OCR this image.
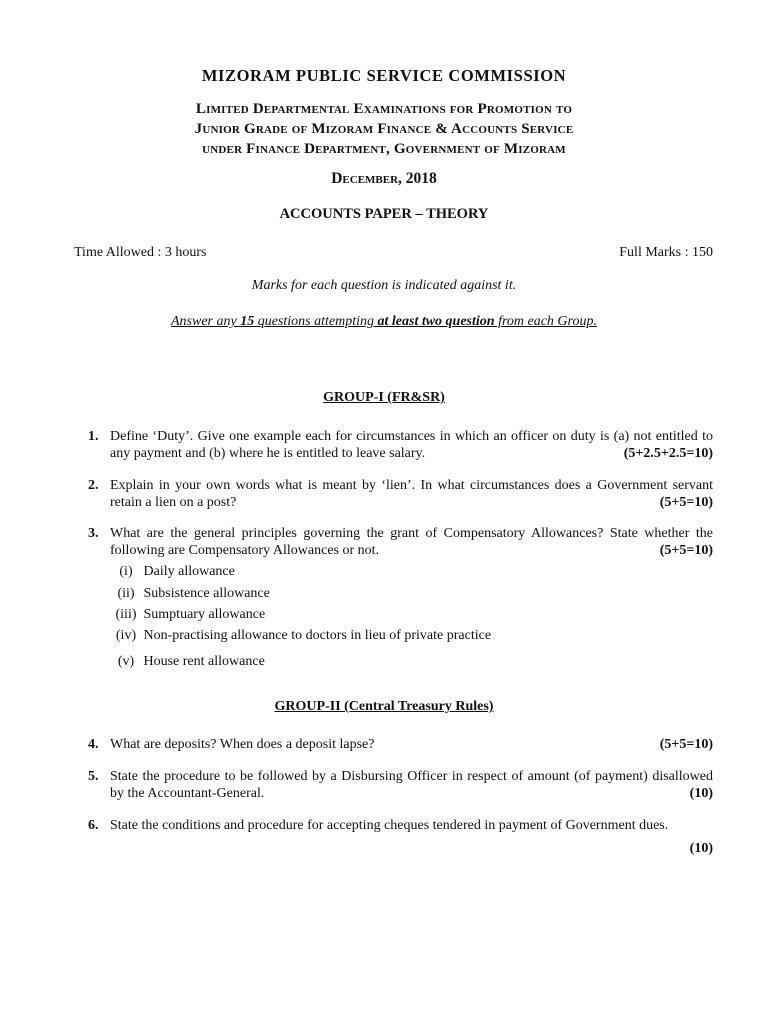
MIZORAM PUBLIC SERVICE COMMISSION
Limited Departmental Examinations for Promotion to
Junior Grade of Mizoram Finance & Accounts Service
under Finance Department, Government of Mizoram
December, 2018
ACCOUNTS PAPER – THEORY
Time Allowed : 3 hours	Full Marks : 150
Marks for each question is indicated against it.
Answer any 15 questions attempting at least two question from each Group.
GROUP-I (FR&SR)
1. Define ‘Duty’. Give one example each for circumstances in which an officer on duty is (a) not entitled to any payment and (b) where he is entitled to leave salary.	(5+2.5+2.5=10)
2. Explain in your own words what is meant by ‘lien’. In what circumstances does a Government servant retain a lien on a post?	(5+5=10)
3. What are the general principles governing the grant of Compensatory Allowances? State whether the following are Compensatory Allowances or not.	(5+5=10)
(i) Daily allowance
(ii) Subsistence allowance
(iii) Sumptuary allowance
(iv) Non-practising allowance to doctors in lieu of private practice
(v) House rent allowance
GROUP-II (Central Treasury Rules)
4. What are deposits? When does a deposit lapse?	(5+5=10)
5. State the procedure to be followed by a Disbursing Officer in respect of amount (of payment) disallowed by the Accountant-General.	(10)
6. State the conditions and procedure for accepting cheques tendered in payment of Government dues.
(10)
